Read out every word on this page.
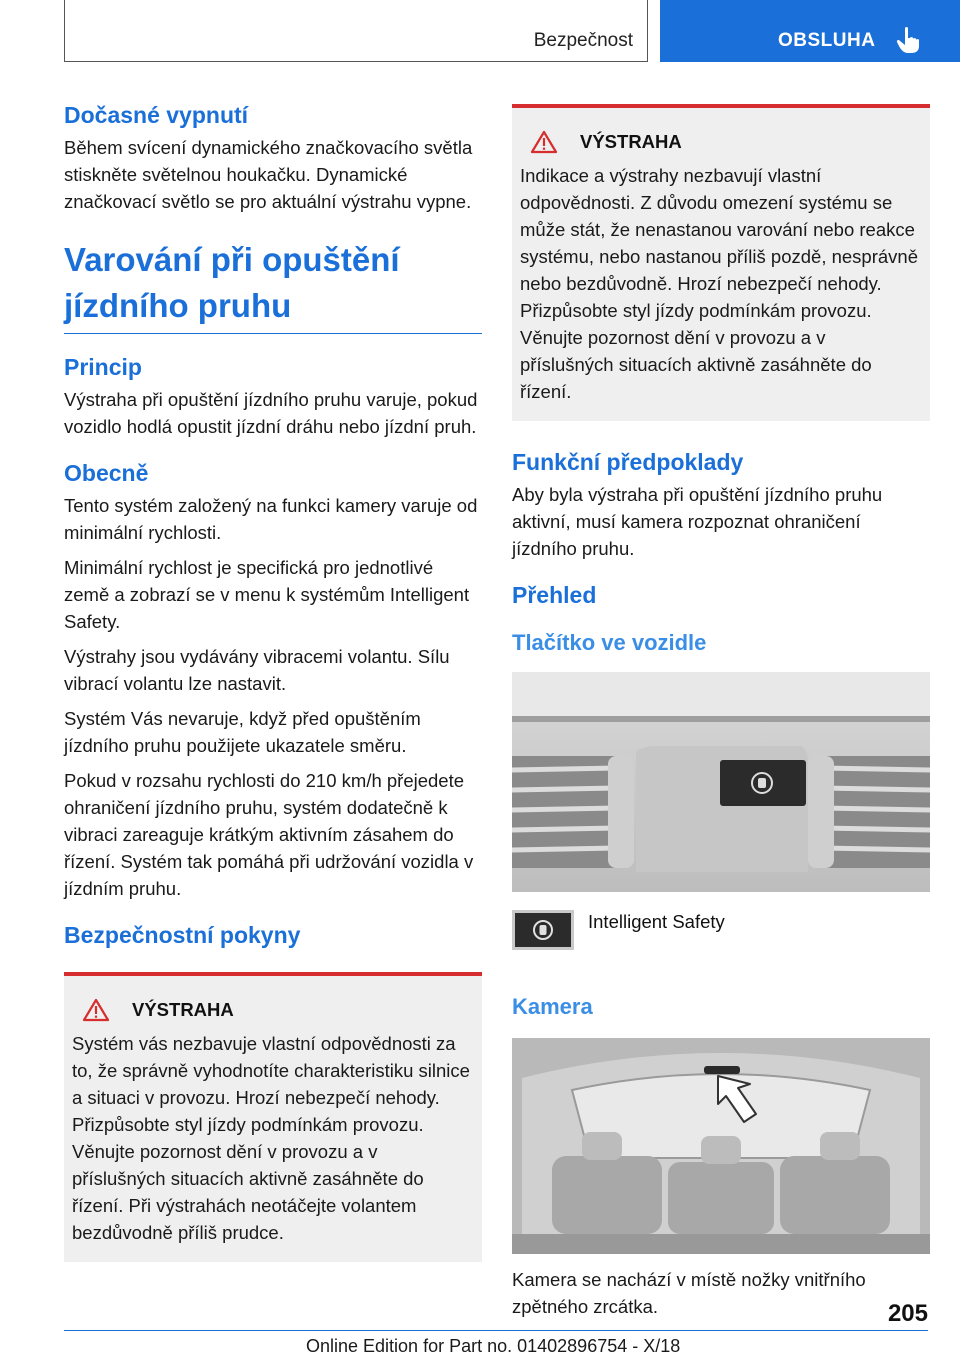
Bezpečnost	OBSLUHA
Dočasné vypnutí

Během svícení dynamického značkovacího světla stiskněte světelnou houkačku. Dynamické značkovací světlo se pro aktuální výstrahu vypne.

Varování při opuštění jízdního pruhu
Princip

Výstraha při opuštění jízdního pruhu varuje, pokud vozidlo hodlá opustit jízdní dráhu nebo jízdní pruh.

Obecně

Tento systém založený na funkci kamery varuje od minimální rychlosti.

Minimální rychlost je specifická pro jednotlivé země a zobrazí se v menu k systémům Intelligent Safety.

Výstrahy jsou vydávány vibracemi volantu. Sílu vibrací volantu lze nastavit.

Systém Vás nevaruje, když před opuštěním jízdního pruhu použijete ukazatele směru.

Pokud v rozsahu rychlosti do 210 km/h přejedete ohraničení jízdního pruhu, systém dodatečně k vibraci zareaguje krátkým aktivním zásahem do řízení. Systém tak pomáhá při udržování vozidla v jízdním pruhu.

Bezpečnostní pokyny
VÝSTRAHA

Systém vás nezbavuje vlastní odpovědnosti za to, že správně vyhodnotíte charakteristiku silnice a situaci v provozu. Hrozí nebezpečí nehody. Přizpůsobte styl jízdy podmínkám provozu. Věnujte pozornost dění v provozu a v příslušných situacích aktivně zasáhněte do řízení. Při výstrahách neotáčejte volantem bezdůvodně příliš prudce.

VÝSTRAHA

Indikace a výstrahy nezbavují vlastní odpovědnosti. Z důvodu omezení systému se může stát, že nenastanou varování nebo reakce systému, nebo nastanou příliš pozdě, nesprávně nebo bezdůvodně. Hrozí nebezpečí nehody. Přizpůsobte styl jízdy podmínkám provozu. Věnujte pozornost dění v provozu a v příslušných situacích aktivně zasáhněte do řízení.

Funkční předpoklady

Aby byla výstraha při opuštění jízdního pruhu aktivní, musí kamera rozpoznat ohraničení jízdního pruhu.

Přehled
Tlačítko ve vozidle
Intelligent Safety
Kamera

Kamera se nachází v místě nožky vnitřního zpětného zrcátka.	205
Online Edition for Part no. 01402896754 - X/18
